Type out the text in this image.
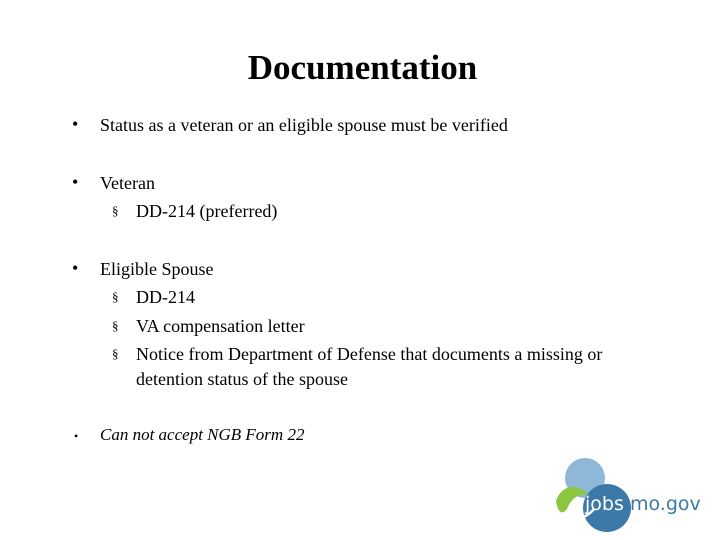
Documentation
• Status as a veteran or an eligible spouse must be verified
• Veteran
§ DD-214 (preferred)
• Eligible Spouse
§ DD-214
§ VA compensation letter
§ Notice from Department of Defense that documents a missing or
detention status of the spouse
• Can not accept NGB Form 22
jobs mo.gov
